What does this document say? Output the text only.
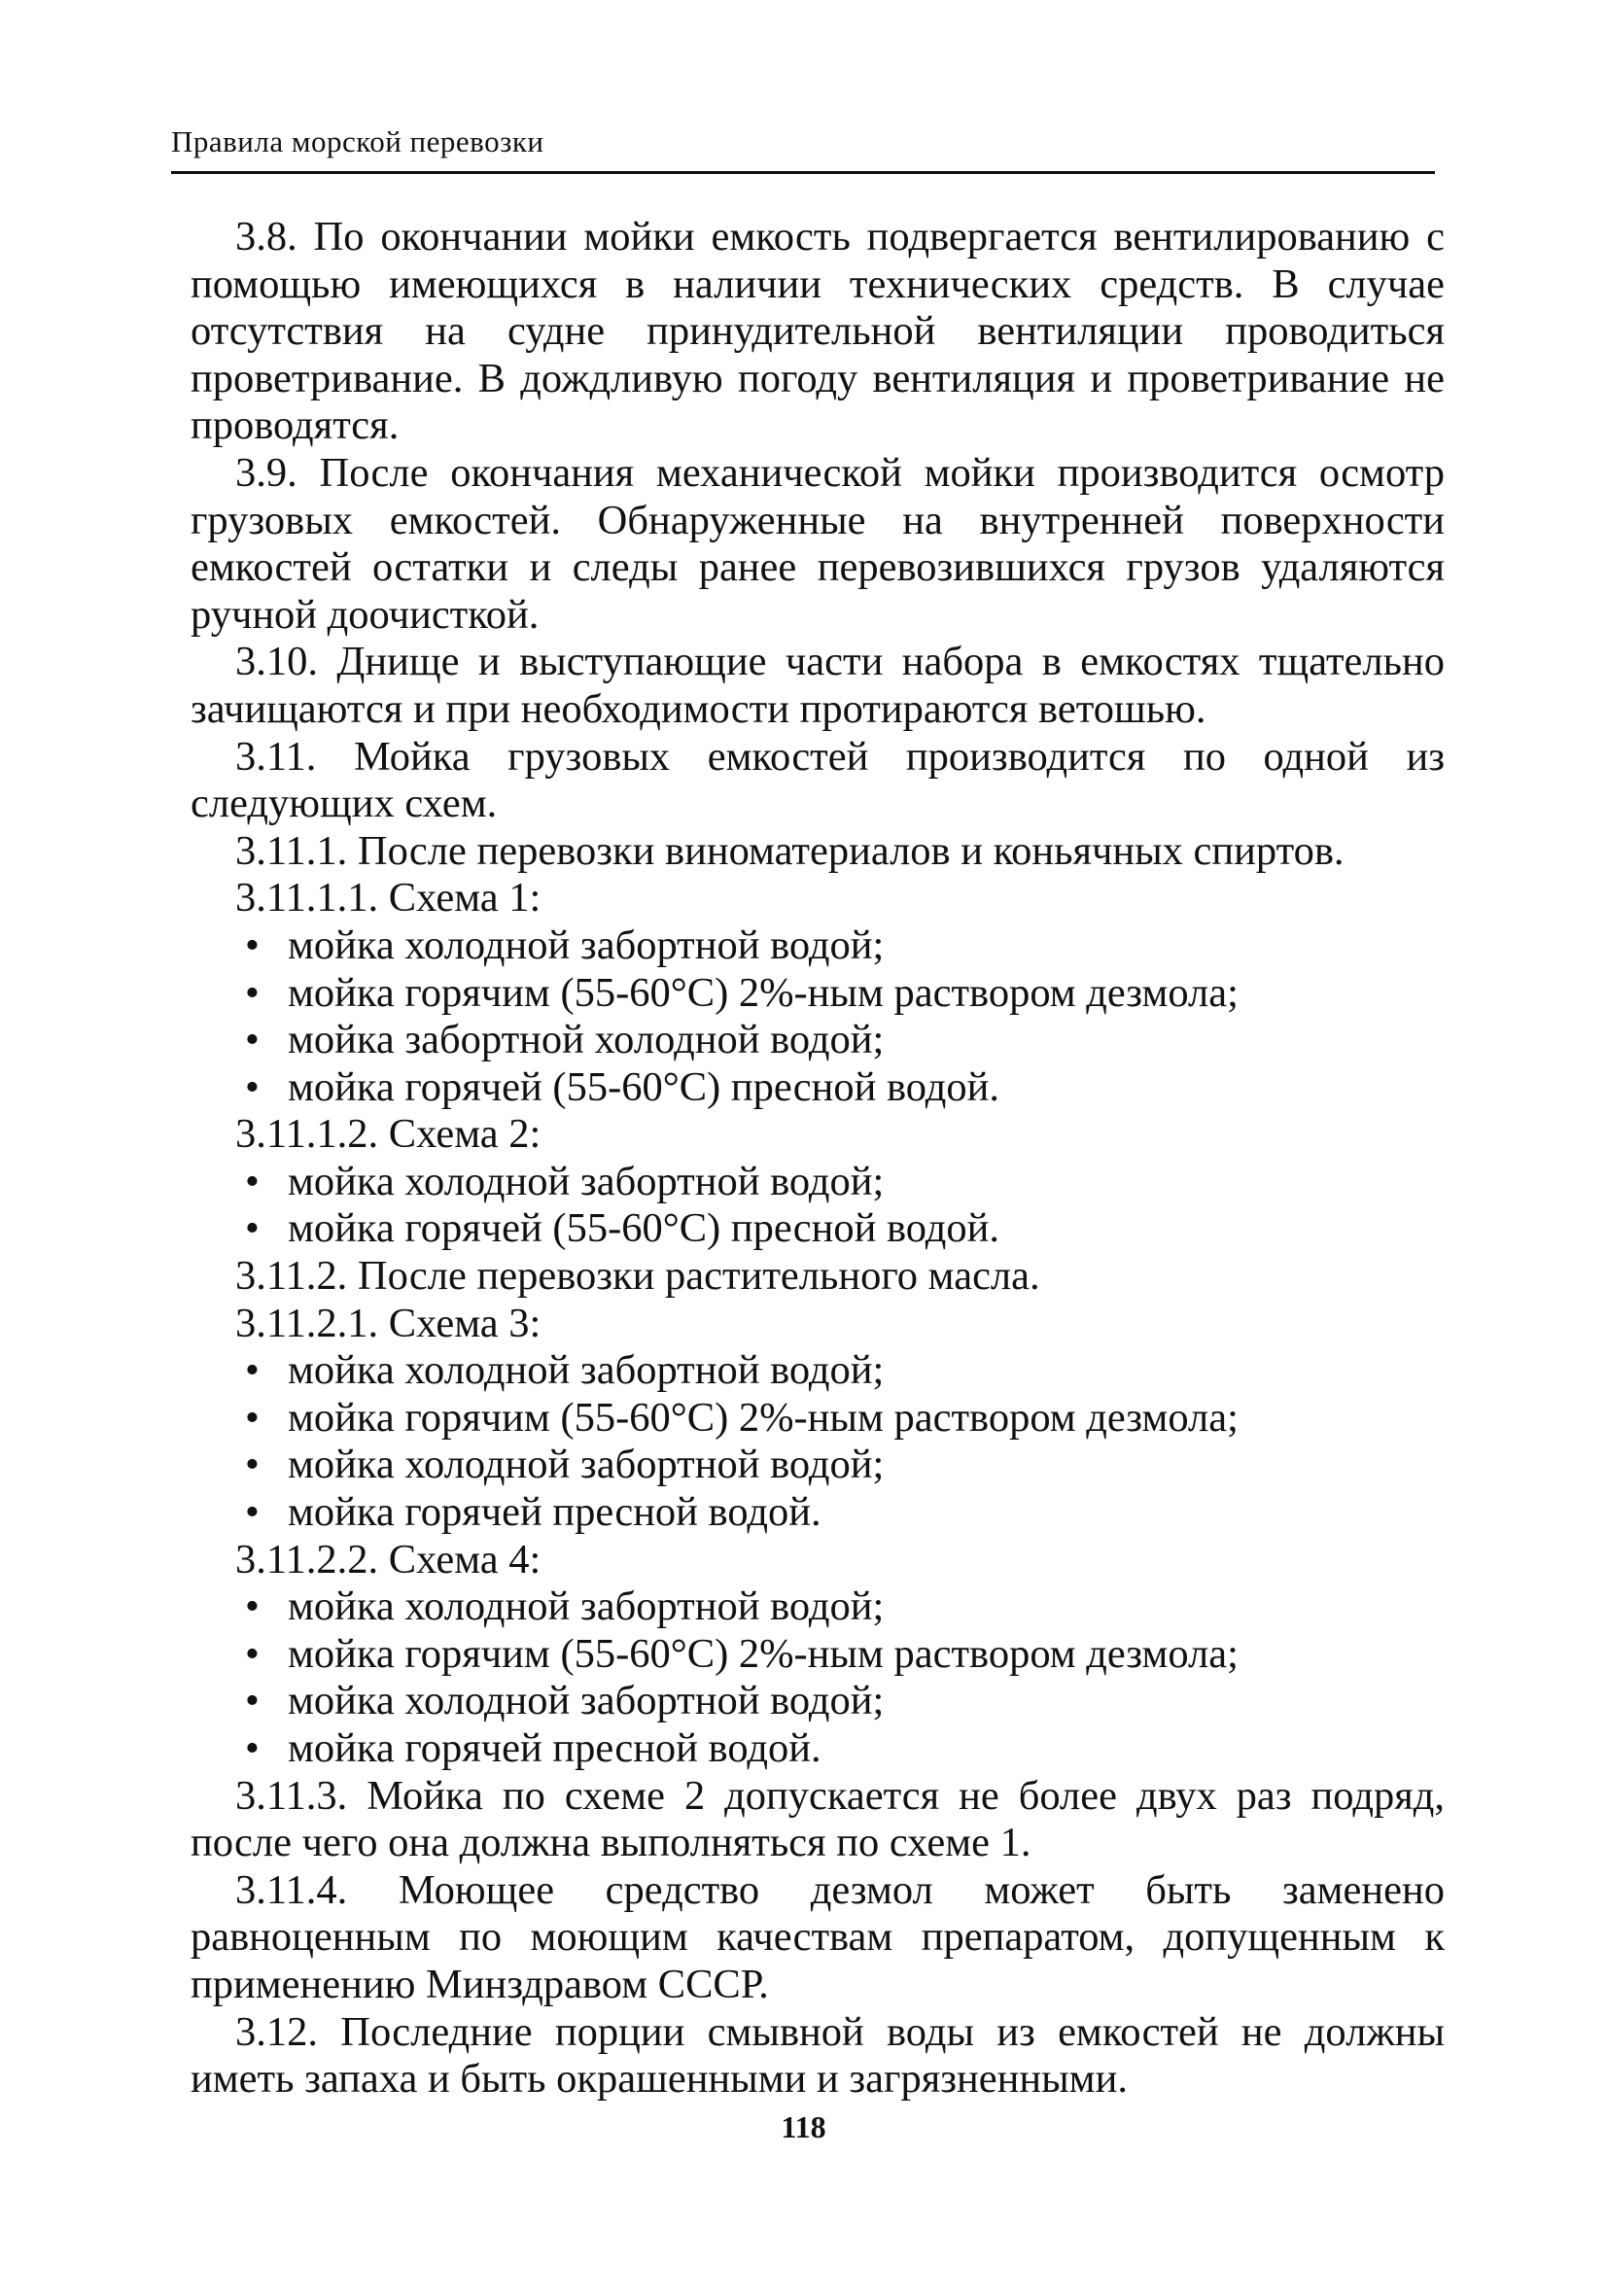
Правила морской перевозки

3.8. По окончании мойки емкость подвергается вентилированию с помощью имеющихся в наличии технических средств. В случае отсутствия на судне принудительной вентиляции проводиться проветривание. В дождливую погоду вентиляция и проветривание не проводятся.

3.9. После окончания механической мойки производится осмотр грузовых емкостей. Обнаруженные на внутренней поверхности емкостей остатки и следы ранее перевозившихся грузов удаляются ручной доочисткой.

3.10. Днище и выступающие части набора в емкостях тщательно зачищаются и при необходимости протираются ветошью.

3.11. Мойка грузовых емкостей производится по одной из следующих схем.

3.11.1. После перевозки виноматериалов и коньячных спиртов.

3.11.1.1. Схема 1:

• мойка холодной забортной водой;

• мойка горячим (55-60°С) 2%-ным раствором дезмола;

• мойка забортной холодной водой;

• мойка горячей (55-60°С) пресной водой.

3.11.1.2. Схема 2:

• мойка холодной забортной водой;

• мойка горячей (55-60°С) пресной водой.

3.11.2. После перевозки растительного масла.

3.11.2.1. Схема 3:

• мойка холодной забортной водой;

• мойка горячим (55-60°С) 2%-ным раствором дезмола;

• мойка холодной забортной водой;

• мойка горячей пресной водой.

3.11.2.2. Схема 4:

• мойка холодной забортной водой;

• мойка горячим (55-60°С) 2%-ным раствором дезмола;

• мойка холодной забортной водой;

• мойка горячей пресной водой.

3.11.3. Мойка по схеме 2 допускается не более двух раз подряд, после чего она должна выполняться по схеме 1.

3.11.4. Моющее средство дезмол может быть заменено равноценным по моющим качествам препаратом, допущенным к применению Минздравом СССР.

3.12. Последние порции смывной воды из емкостей не должны иметь запаха и быть окрашенными и загрязненными.

118
